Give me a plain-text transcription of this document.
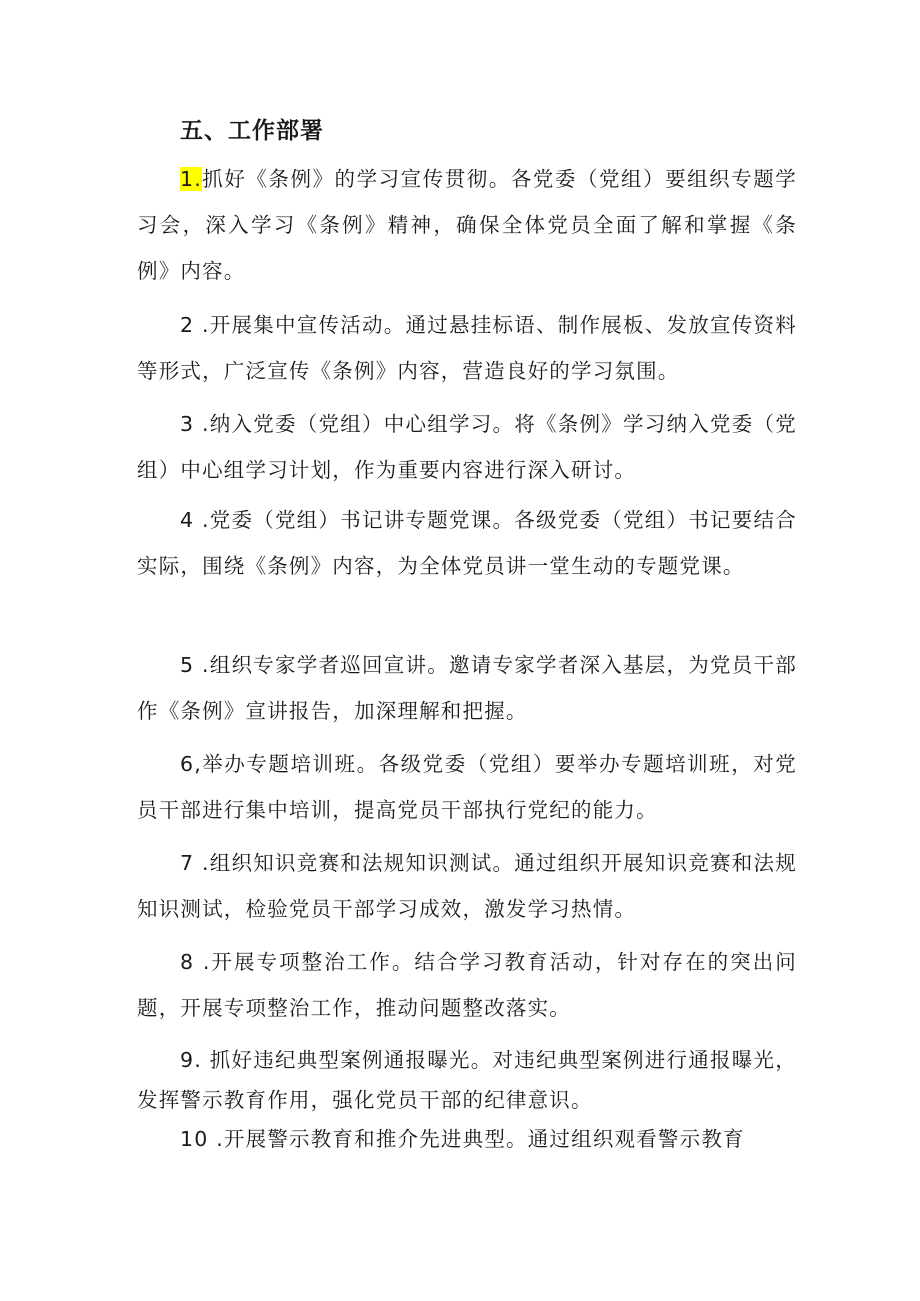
五、工作部署
1.抓好《条例》的学习宣传贯彻。各党委（党组）要组织专题学习会，深入学习《条例》精神，确保全体党员全面了解和掌握《条例》内容。
2 .开展集中宣传活动。通过悬挂标语、制作展板、发放宣传资料等形式，广泛宣传《条例》内容，营造良好的学习氛围。
3 .纳入党委（党组）中心组学习。将《条例》学习纳入党委（党组）中心组学习计划，作为重要内容进行深入研讨。
4 .党委（党组）书记讲专题党课。各级党委（党组）书记要结合实际，围绕《条例》内容，为全体党员讲一堂生动的专题党课。
5 .组织专家学者巡回宣讲。邀请专家学者深入基层，为党员干部作《条例》宣讲报告，加深理解和把握。
6,举办专题培训班。各级党委（党组）要举办专题培训班，对党员干部进行集中培训，提高党员干部执行党纪的能力。
7 .组织知识竞赛和法规知识测试。通过组织开展知识竞赛和法规知识测试，检验党员干部学习成效，激发学习热情。
8 .开展专项整治工作。结合学习教育活动，针对存在的突出问题，开展专项整治工作，推动问题整改落实。
9. 抓好违纪典型案例通报曝光。对违纪典型案例进行通报曝光，发挥警示教育作用，强化党员干部的纪律意识。
10 .开展警示教育和推介先进典型。通过组织观看警示教育
